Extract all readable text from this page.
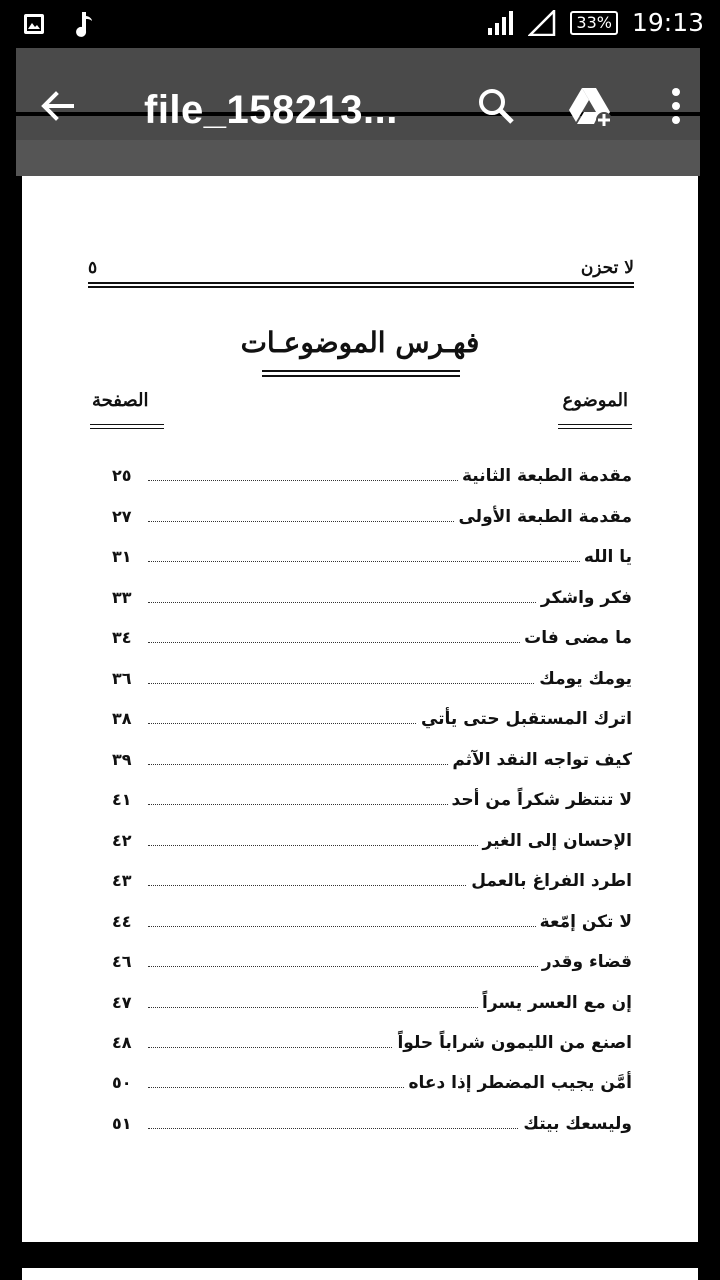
33% 19:13
file_158213...
لا تحزن
٥
فهـرس الموضوعـات
الموضوع
الصفحة
مقدمة الطبعة الثانية
٢٥
مقدمة الطبعة الأولى
٢٧
يا الله
٣١
فكر واشكر
٣٣
ما مضى فات
٣٤
يومك يومك
٣٦
اترك المستقبل حتى يأتي
٣٨
كيف تواجه النقد الآثم
٣٩
لا تنتظر شكراً من أحد
٤١
الإحسان إلى الغير
٤٢
اطرد الفراغ بالعمل
٤٣
لا تكن إمّعة
٤٤
قضاء وقدر
٤٦
إن مع العسر يسراً
٤٧
اصنع من الليمون شراباً حلواً
٤٨
أمَّن يجيب المضطر إذا دعاه
٥٠
وليسعك بيتك
٥١
